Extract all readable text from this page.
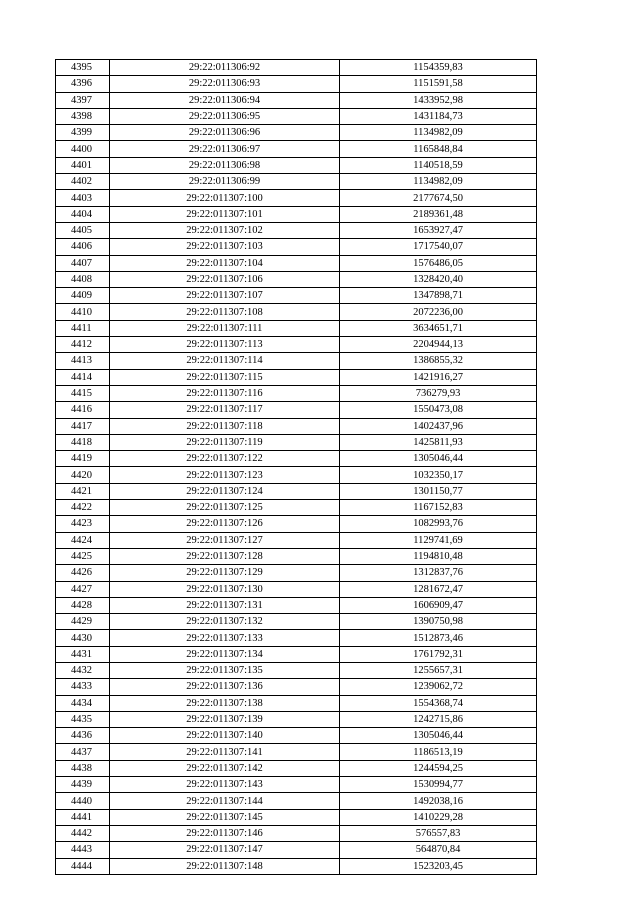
4395	29:22:011306:92	1154359,83
4396	29:22:011306:93	1151591,58
4397	29:22:011306:94	1433952,98
4398	29:22:011306:95	1431184,73
4399	29:22:011306:96	1134982,09
4400	29:22:011306:97	1165848,84
4401	29:22:011306:98	1140518,59
4402	29:22:011306:99	1134982,09
4403	29:22:011307:100	2177674,50
4404	29:22:011307:101	2189361,48
4405	29:22:011307:102	1653927,47
4406	29:22:011307:103	1717540,07
4407	29:22:011307:104	1576486,05
4408	29:22:011307:106	1328420,40
4409	29:22:011307:107	1347898,71
4410	29:22:011307:108	2072236,00
4411	29:22:011307:111	3634651,71
4412	29:22:011307:113	2204944,13
4413	29:22:011307:114	1386855,32
4414	29:22:011307:115	1421916,27
4415	29:22:011307:116	736279,93
4416	29:22:011307:117	1550473,08
4417	29:22:011307:118	1402437,96
4418	29:22:011307:119	1425811,93
4419	29:22:011307:122	1305046,44
4420	29:22:011307:123	1032350,17
4421	29:22:011307:124	1301150,77
4422	29:22:011307:125	1167152,83
4423	29:22:011307:126	1082993,76
4424	29:22:011307:127	1129741,69
4425	29:22:011307:128	1194810,48
4426	29:22:011307:129	1312837,76
4427	29:22:011307:130	1281672,47
4428	29:22:011307:131	1606909,47
4429	29:22:011307:132	1390750,98
4430	29:22:011307:133	1512873,46
4431	29:22:011307:134	1761792,31
4432	29:22:011307:135	1255657,31
4433	29:22:011307:136	1239062,72
4434	29:22:011307:138	1554368,74
4435	29:22:011307:139	1242715,86
4436	29:22:011307:140	1305046,44
4437	29:22:011307:141	1186513,19
4438	29:22:011307:142	1244594,25
4439	29:22:011307:143	1530994,77
4440	29:22:011307:144	1492038,16
4441	29:22:011307:145	1410229,28
4442	29:22:011307:146	576557,83
4443	29:22:011307:147	564870,84
4444	29:22:011307:148	1523203,45
